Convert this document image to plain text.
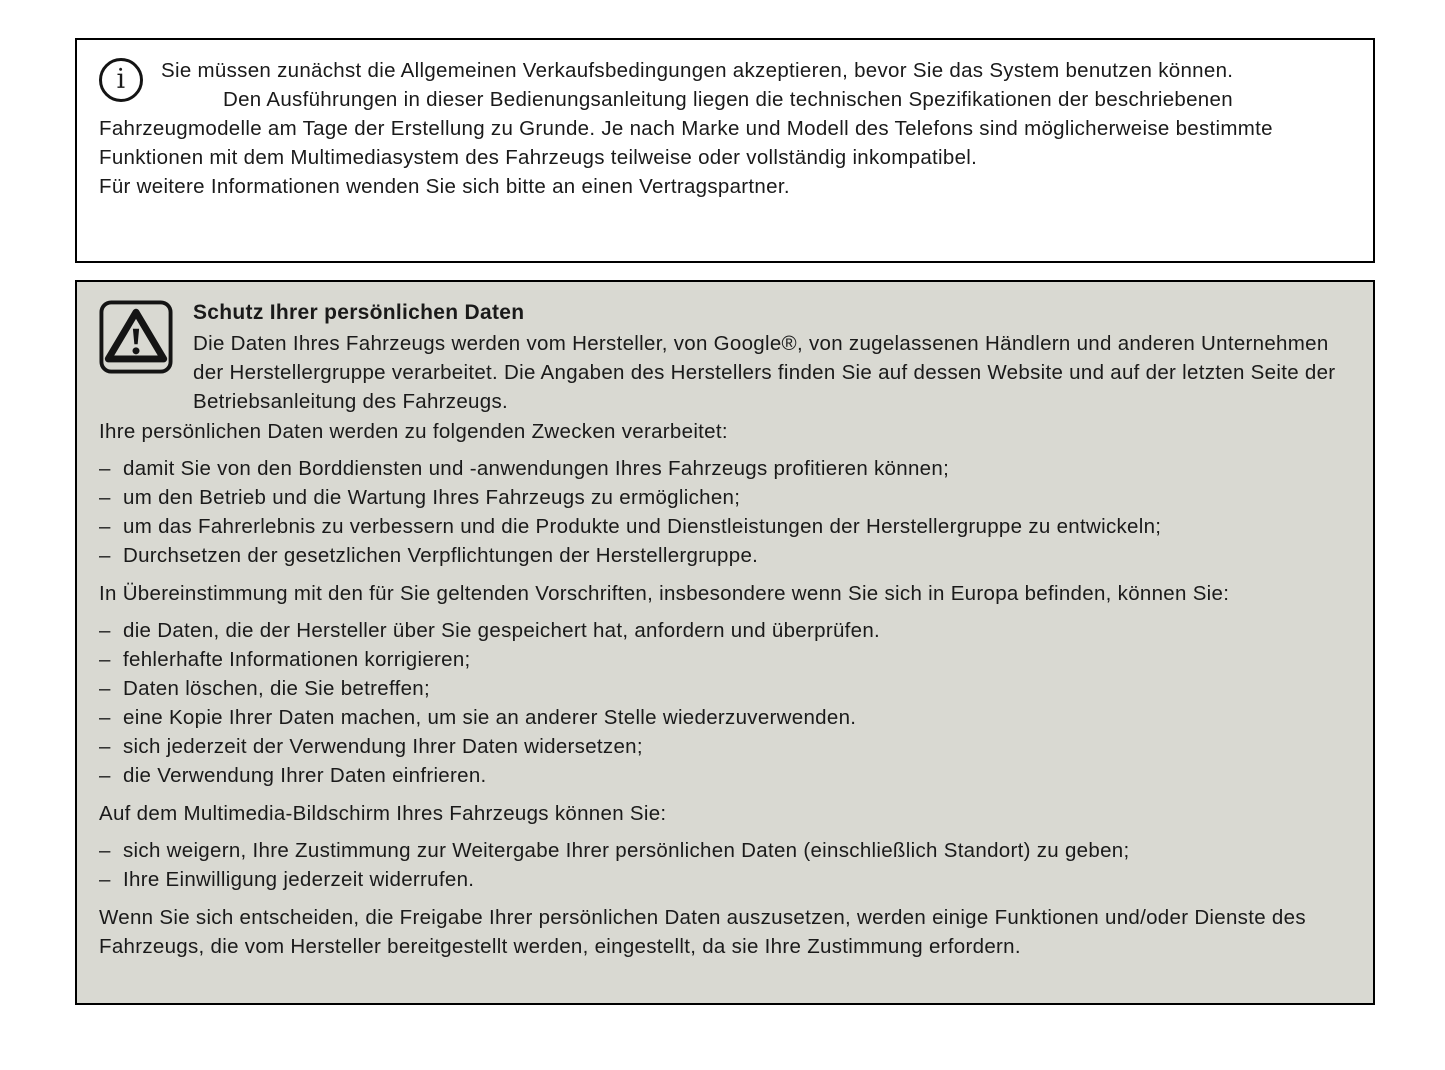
i	Sie müssen zunächst die Allgemeinen Verkaufsbedingungen akzeptieren, bevor Sie das System benutzen können.

Den Ausführungen in dieser Bedienungsanleitung liegen die technischen Spezifikationen der beschriebenen Fahrzeugmodelle am Tage der Erstellung zu Grunde. Je nach Marke und Modell des Telefons sind möglicherweise bestimmte Funktionen mit dem Multimediasystem des Fahrzeugs teilweise oder vollständig inkompatibel.

Für weitere Informationen wenden Sie sich bitte an einen Vertragspartner.

Schutz Ihrer persönlichen Daten

Die Daten Ihres Fahrzeugs werden vom Hersteller, von Google®, von zugelassenen Händlern und anderen Unternehmen der Herstellergruppe verarbeitet. Die Angaben des Herstellers finden Sie auf dessen Website und auf der letzten Seite der Betriebsanleitung des Fahrzeugs.

Ihre persönlichen Daten werden zu folgenden Zwecken verarbeitet:

– damit Sie von den Borddiensten und -anwendungen Ihres Fahrzeugs profitieren können;
– um den Betrieb und die Wartung Ihres Fahrzeugs zu ermöglichen;
– um das Fahrerlebnis zu verbessern und die Produkte und Dienstleistungen der Herstellergruppe zu entwickeln;
– Durchsetzen der gesetzlichen Verpflichtungen der Herstellergruppe.

In Übereinstimmung mit den für Sie geltenden Vorschriften, insbesondere wenn Sie sich in Europa befinden, können Sie:

– die Daten, die der Hersteller über Sie gespeichert hat, anfordern und überprüfen.
– fehlerhafte Informationen korrigieren;
– Daten löschen, die Sie betreffen;
– eine Kopie Ihrer Daten machen, um sie an anderer Stelle wiederzuverwenden.
– sich jederzeit der Verwendung Ihrer Daten widersetzen;
– die Verwendung Ihrer Daten einfrieren.

Auf dem Multimedia-Bildschirm Ihres Fahrzeugs können Sie:

– sich weigern, Ihre Zustimmung zur Weitergabe Ihrer persönlichen Daten (einschließlich Standort) zu geben;
– Ihre Einwilligung jederzeit widerrufen.

Wenn Sie sich entscheiden, die Freigabe Ihrer persönlichen Daten auszusetzen, werden einige Funktionen und/oder Dienste des Fahrzeugs, die vom Hersteller bereitgestellt werden, eingestellt, da sie Ihre Zustimmung erfordern.
